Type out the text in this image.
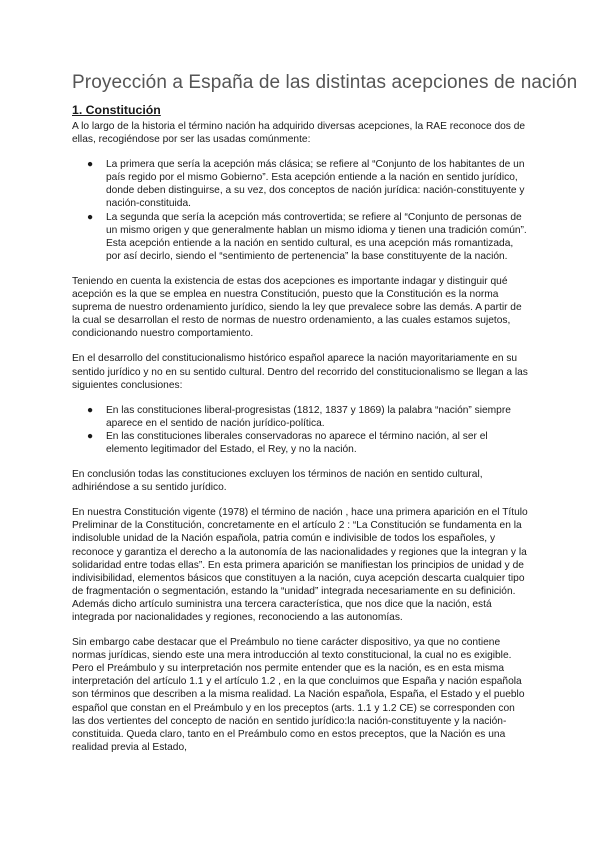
Proyección a España de las distintas acepciones de nación
1. Constitución

A lo largo de la historia el término nación ha adquirido diversas acepciones, la RAE reconoce dos de ellas, recogiéndose por ser las usadas comúnmente:

● La primera que sería la acepción más clásica; se refiere al “Conjunto de los habitantes de un país regido por el mismo Gobierno”. Esta acepción entiende a la nación en sentido jurídico, donde deben distinguirse, a su vez, dos conceptos de nación jurídica: nación-constituyente y nación-constituida.
● La segunda que sería la acepción más controvertida; se refiere al “Conjunto de personas de un mismo origen y que generalmente hablan un mismo idioma y tienen una tradición común”. Esta acepción entiende a la nación en sentido cultural, es una acepción más romantizada, por así decirlo, siendo el “sentimiento de pertenencia” la base constituyente de la nación.

Teniendo en cuenta la existencia de estas dos acepciones es importante indagar y distinguir qué acepción es la que se emplea en nuestra Constitución, puesto que la Constitución es la norma suprema de nuestro ordenamiento jurídico, siendo la ley que prevalece sobre las demás. A partir de la cual se desarrollan el resto de normas de nuestro ordenamiento, a las cuales estamos sujetos, condicionando nuestro comportamiento.

En el desarrollo del constitucionalismo histórico español aparece la nación mayoritariamente en su sentido jurídico y no en su sentido cultural. Dentro del recorrido del constitucionalismo se llegan a las siguientes conclusiones:

● En las constituciones liberal-progresistas (1812, 1837 y 1869) la palabra “nación” siempre aparece en el sentido de nación jurídico-política.
● En las constituciones liberales conservadoras no aparece el término nación, al ser el elemento legitimador del Estado, el Rey, y no la nación.

En conclusión todas las constituciones excluyen los términos de nación en sentido cultural, adhiriéndose a su sentido jurídico.

En nuestra Constitución vigente (1978) el término de nación , hace una primera aparición en el Título Preliminar de la Constitución, concretamente en el artículo 2 : “La Constitución se fundamenta en la indisoluble unidad de la Nación española, patria común e indivisible de todos los españoles, y reconoce y garantiza el derecho a la autonomía de las nacionalidades y regiones que la integran y la solidaridad entre todas ellas”. En esta primera aparición se manifiestan los principios de unidad y de indivisibilidad, elementos básicos que constituyen a la nación, cuya acepción descarta cualquier tipo de fragmentación o segmentación, estando la “unidad” integrada necesariamente en su definición. Además dicho artículo suministra una tercera característica, que nos dice que la nación, está integrada por nacionalidades y regiones, reconociendo a las autonomías.

Sin embargo cabe destacar que el Preámbulo no tiene carácter dispositivo, ya que no contiene normas jurídicas, siendo este una mera introducción al texto constitucional, la cual no es exigible. Pero el Preámbulo y su interpretación nos permite entender que es la nación, es en esta misma interpretación del artículo 1.1 y el artículo 1.2 , en la que concluimos que España y nación española son términos que describen a la misma realidad. La Nación española, España, el Estado y el pueblo español que constan en el Preámbulo y en los preceptos (arts. 1.1 y 1.2 CE) se corresponden con las dos vertientes del concepto de nación en sentido jurídico:la nación-constituyente y la nación-constituida. Queda claro, tanto en el Preámbulo como en estos preceptos, que la Nación es una realidad previa al Estado,
